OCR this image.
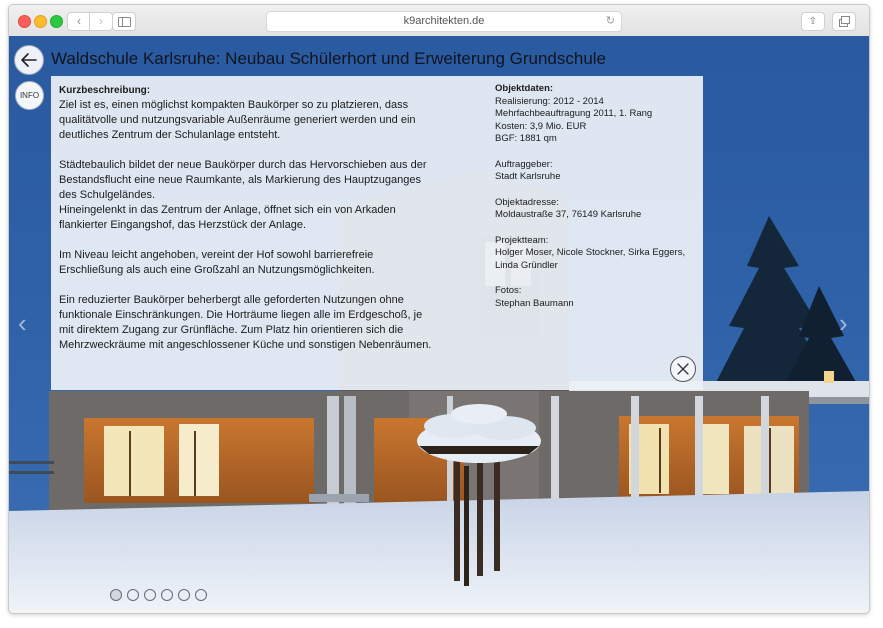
‹	›	k9architekten.de	↻	⇧
Waldschule Karlsruhe: Neubau Schülerhort und Erweiterung Grundschule
INFO
‹	›
Kurzbeschreibung:

Ziel ist es, einen möglichst kompakten Baukörper so zu platzieren, dass qualitätvolle und nutzungsvariable Außenräume generiert werden und ein deutliches Zentrum der Schulanlage entsteht.

Städtebaulich bildet der neue Baukörper durch das Hervorschieben aus der Bestandsflucht eine neue Raumkante, als Markierung des Hauptzuganges des Schulgeländes.

Hineingelenkt in das Zentrum der Anlage, öffnet sich ein von Arkaden flankierter Eingangshof, das Herzstück der Anlage.

Im Niveau leicht angehoben, vereint der Hof sowohl barrierefreie Erschließung als auch eine Großzahl an Nutzungsmöglichkeiten.

Ein reduzierter Baukörper beherbergt alle geforderten Nutzungen ohne funktionale Einschränkungen. Die Horträume liegen alle im Erdgeschoß, je mit direktem Zugang zur Grünfläche. Zum Platz hin orientieren sich die Mehrzweckräume mit angeschlossener Küche und sonstigen Nebenräumen.

Objektdaten:
Realisierung: 2012 - 2014
Mehrfachbeauftragung 2011, 1. Rang
Kosten: 3,9 Mio. EUR
BGF: 1881 qm
Auftraggeber:
Stadt Karlsruhe
Objektadresse:
Moldaustraße 37, 76149 Karlsruhe
Projektteam:
Holger Moser, Nicole Stockner, Sirka Eggers,
Linda Gründler
Fotos:
Stephan Baumann
